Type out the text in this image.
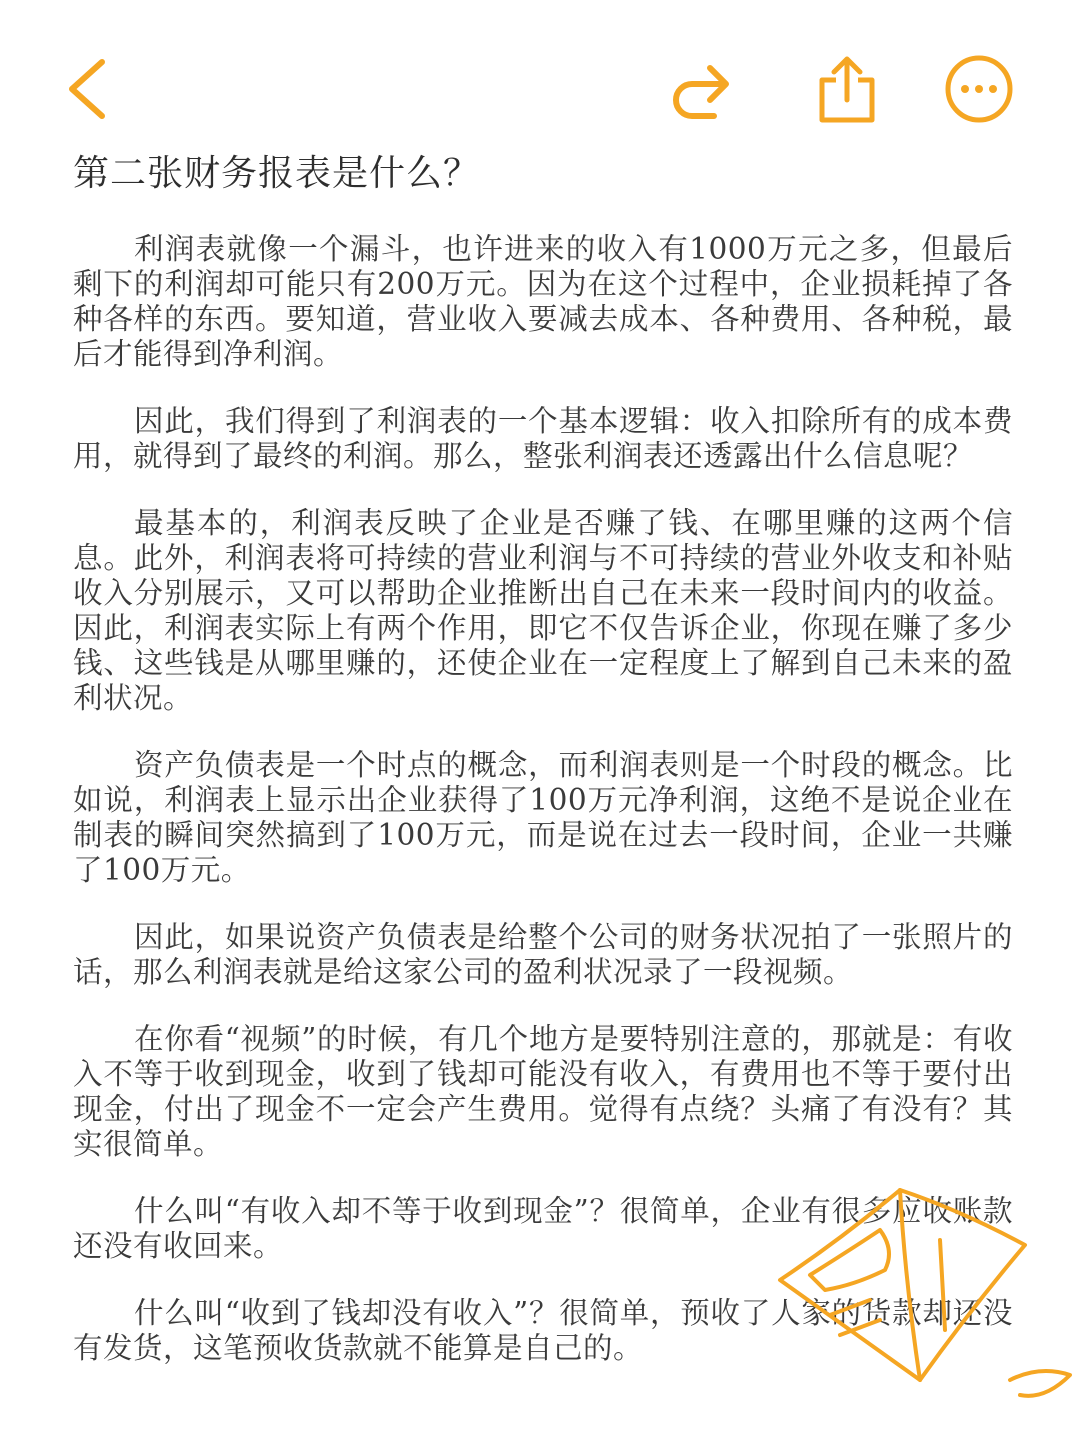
第二张财务报表是什么？

利润表就像一个漏斗，也许进来的收入有1000万元之多，但最后剩下的利润却可能只有200万元。因为在这个过程中，企业损耗掉了各种各样的东西。要知道，营业收入要减去成本、各种费用、各种税，最后才能得到净利润。

因此，我们得到了利润表的一个基本逻辑：收入扣除所有的成本费用，就得到了最终的利润。那么，整张利润表还透露出什么信息呢？

最基本的，利润表反映了企业是否赚了钱、在哪里赚的这两个信息。此外，利润表将可持续的营业利润与不可持续的营业外收支和补贴收入分别展示，又可以帮助企业推断出自己在未来一段时间内的收益。因此，利润表实际上有两个作用，即它不仅告诉企业，你现在赚了多少钱、这些钱是从哪里赚的，还使企业在一定程度上了解到自己未来的盈利状况。

资产负债表是一个时点的概念，而利润表则是一个时段的概念。比如说，利润表上显示出企业获得了100万元净利润，这绝不是说企业在制表的瞬间突然搞到了100万元，而是说在过去一段时间，企业一共赚了100万元。

因此，如果说资产负债表是给整个公司的财务状况拍了一张照片的话，那么利润表就是给这家公司的盈利状况录了一段视频。

在你看“视频”的时候，有几个地方是要特别注意的，那就是：有收入不等于收到现金，收到了钱却可能没有收入，有费用也不等于要付出现金，付出了现金不一定会产生费用。觉得有点绕？头痛了有没有？其实很简单。

什么叫“有收入却不等于收到现金”？很简单，企业有很多应收账款还没有收回来。

什么叫“收到了钱却没有收入”？很简单，预收了人家的货款却还没有发货，这笔预收货款就不能算是自己的。
